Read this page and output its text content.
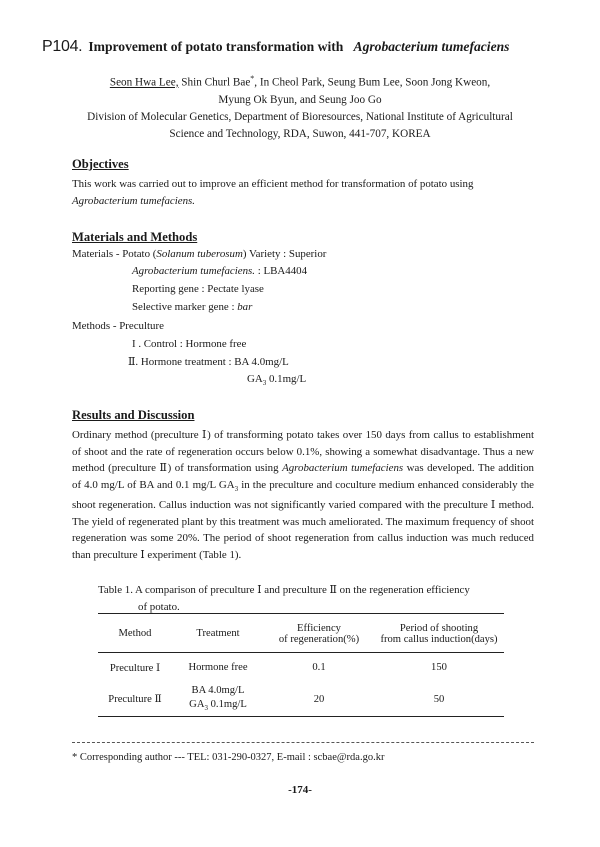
P104. Improvement of potato transformation with Agrobacterium tumefaciens
Seon Hwa Lee, Shin Churl Bae*, In Cheol Park, Seung Bum Lee, Soon Jong Kweon,
Myung Ok Byun, and Seung Joo Go
Division of Molecular Genetics, Department of Bioresources, National Institute of Agricultural
Science and Technology, RDA, Suwon, 441-707, KOREA
Objectives
This work was carried out to improve an efficient method for transformation of potato using
Agrobacterium tumefaciens.
Materials and Methods
Materials - Potato (Solanum tuberosum) Variety : Superior
Agrobacterium tumefaciens. : LBA4404
Reporting gene : Pectate lyase
Selective marker gene : bar
Methods - Preculture
I . Control : Hormone free
Ⅱ. Hormone treatment : BA 4.0mg/L
$GA_3$ 0.1mg/L
Results and Discussion
Ordinary method (preculture Ⅰ) of transforming potato takes over 150 days from callus to establishment of shoot and the rate of regeneration occurs below 0.1%, showing a somewhat disadvantage. Thus a new method (preculture Ⅱ) of transformation using Agrobacterium tumefaciens was developed. The addition of 4.0 mg/L of BA and 0.1 mg/L $GA_3$ in the preculture and coculture medium enhanced considerably the shoot regeneration. Callus induction was not significantly varied compared with the preculture Ⅰ method. The yield of regenerated plant by this treatment was much ameliorated. The maximum frequency of shoot regeneration was some 20%. The period of shoot regeneration from callus induction was much reduced than preculture Ⅰ experiment (Table 1).
Table 1. A comparison of preculture Ⅰ and preculture Ⅱ on the regeneration efficiency
of potato.
Method	Treatment	Efficiency	Period of shooting
		of regeneration(%)	from callus induction(days)
Preculture Ⅰ	Hormone free	0.1	150
Preculture Ⅱ	BA 4.0mg/L
$GA_3$ 0.1mg/L	20	50
* Corresponding author --- TEL: 031-290-0327, E-mail : scbae@rda.go.kr
-174-
